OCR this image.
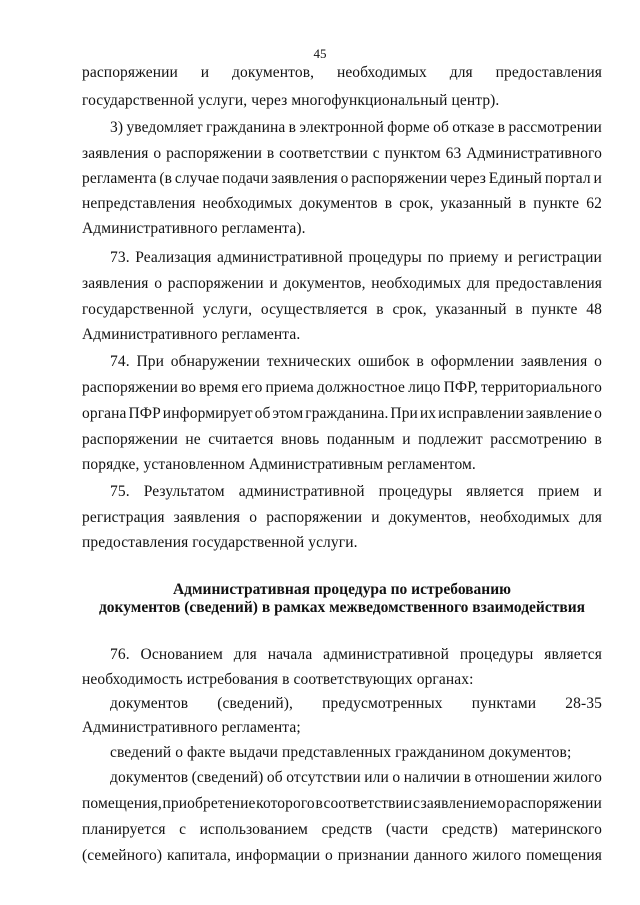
45
распоряжении и документов, необходимых для предоставления
государственной услуги, через многофункциональный центр).
3) уведомляет гражданина в электронной форме об отказе в рассмотрении
заявления о распоряжении в соответствии с пунктом 63 Административного
регламента (в случае подачи заявления о распоряжении через Единый портал и
непредставления необходимых документов в срок, указанный в пункте 62
Административного регламента).
73. Реализация административной процедуры по приему и регистрации
заявления о распоряжении и документов, необходимых для предоставления
государственной услуги, осуществляется в срок, указанный в пункте 48
Административного регламента.
74. При обнаружении технических ошибок в оформлении заявления о
распоряжении во время его приема должностное лицо ПФР, территориального
органа ПФР информирует об этом гражданина. При их исправлении заявление о
распоряжении не считается вновь поданным и подлежит рассмотрению в
порядке, установленном Административным регламентом.
75. Результатом административной процедуры является прием и
регистрация заявления о распоряжении и документов, необходимых для
предоставления государственной услуги.
Административная процедура по истребованию
документов (сведений) в рамках межведомственного взаимодействия
76. Основанием для начала административной процедуры является
необходимость истребования в соответствующих органах:
документов (сведений), предусмотренных пунктами 28-35
Административного регламента;
сведений о факте выдачи представленных гражданином документов;
документов (сведений) об отсутствии или о наличии в отношении жилого
помещения, приобретение которого в соответствии с заявлением о распоряжении
планируется с использованием средств (части средств) материнского
(семейного) капитала, информации о признании данного жилого помещения
